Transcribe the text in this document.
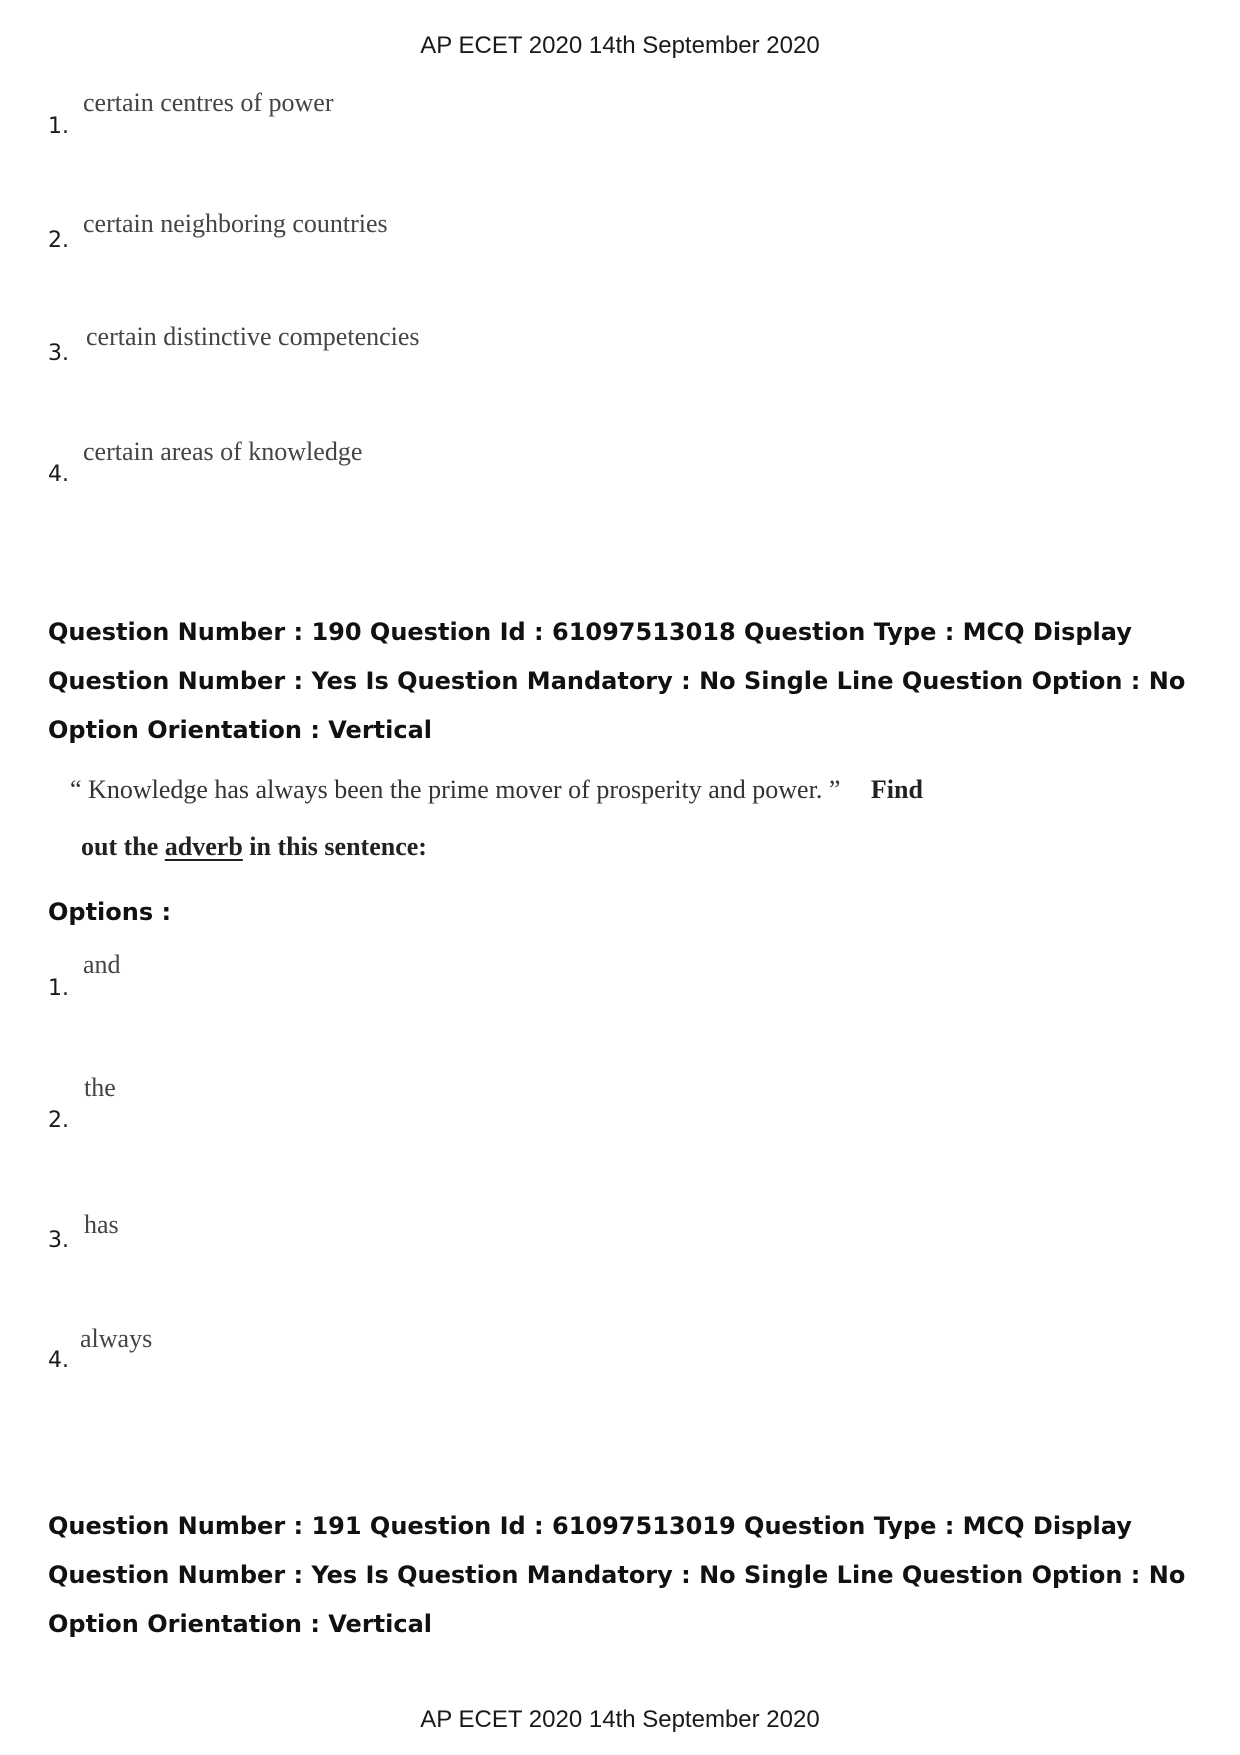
AP ECET 2020 14th September 2020
1.
certain centres of power
2.
certain neighboring countries
3.
certain distinctive competencies
4.
certain areas of knowledge
Question Number : 190 Question Id : 61097513018 Question Type : MCQ Display Question Number : Yes Is Question Mandatory : No Single Line Question Option : No Option Orientation : Vertical
“ Knowledge has always been the prime mover of prosperity and power. ” Find
out the adverb in this sentence:
Options :
1.
and
2.
the
3.
has
4.
always
Question Number : 191 Question Id : 61097513019 Question Type : MCQ Display Question Number : Yes Is Question Mandatory : No Single Line Question Option : No Option Orientation : Vertical
AP ECET 2020 14th September 2020
